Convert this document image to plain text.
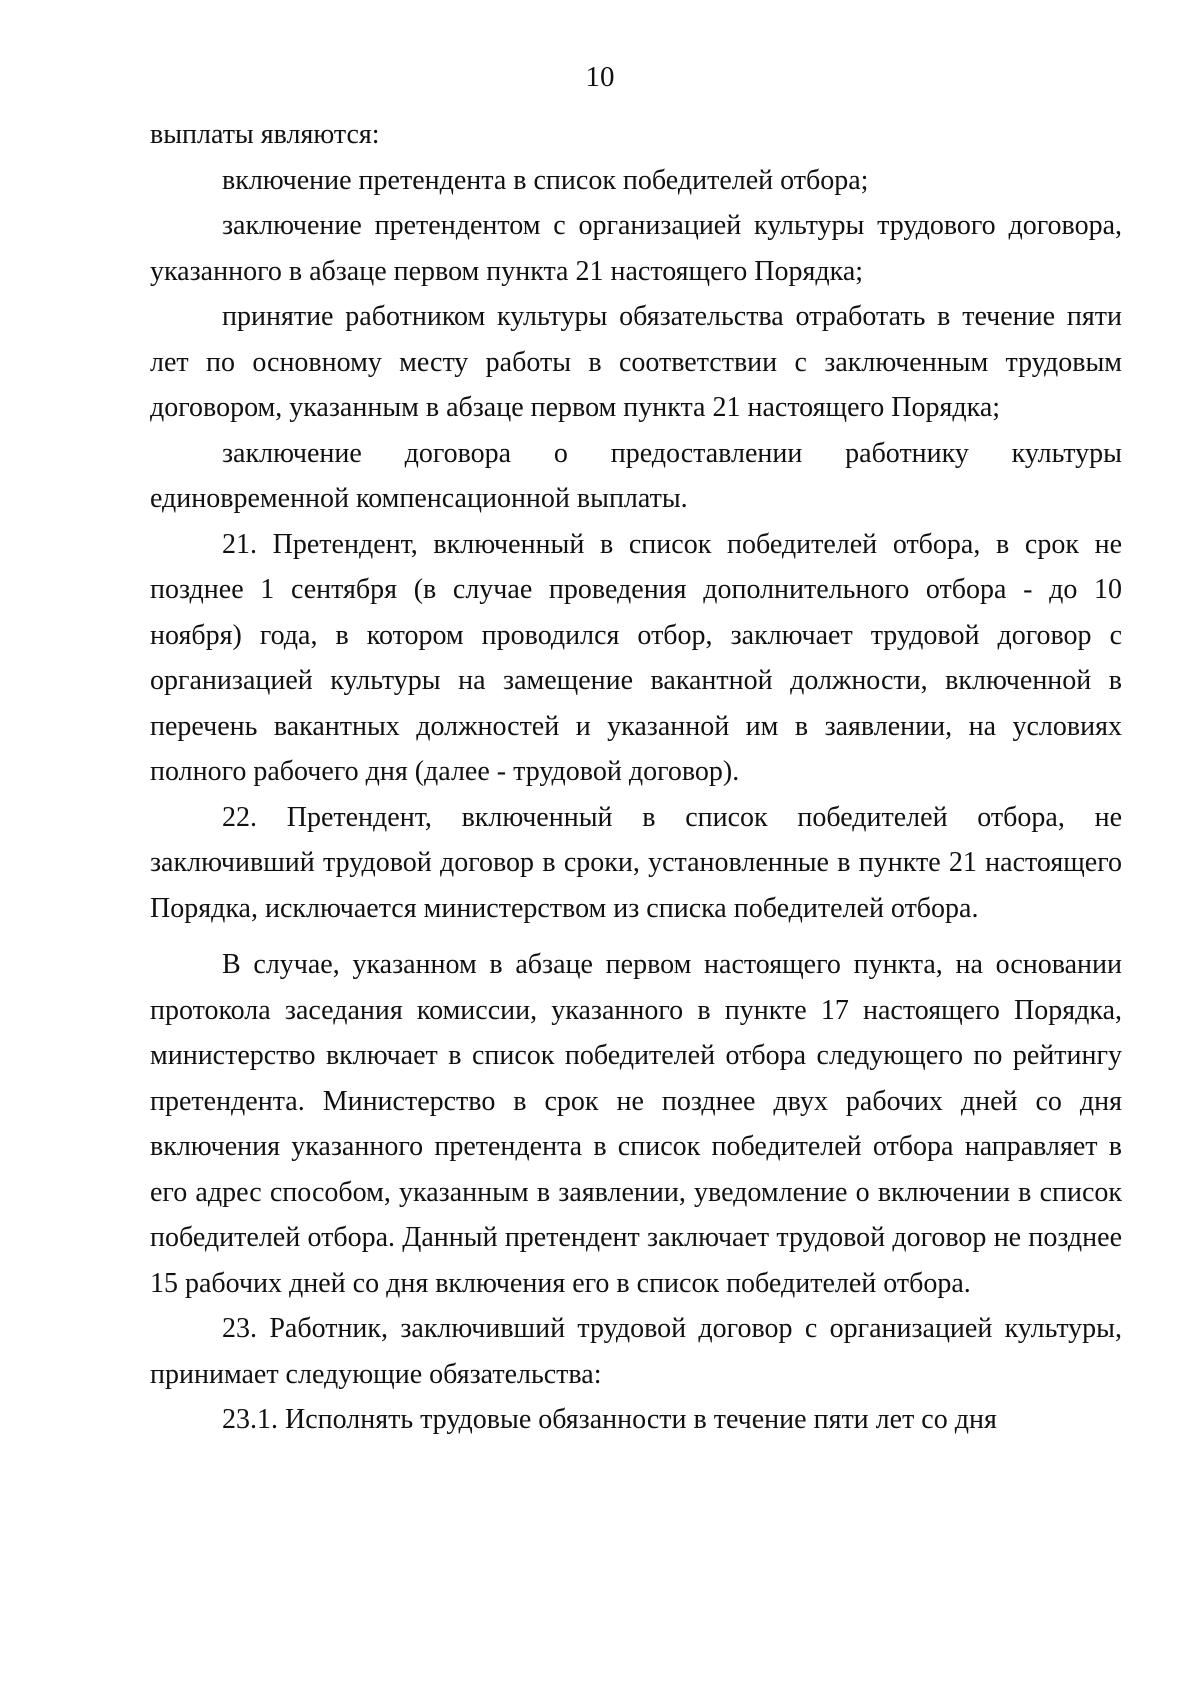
10

выплаты являются:

включение претендента в список победителей отбора;

заключение претендентом с организацией культуры трудового договора, указанного в абзаце первом пункта 21 настоящего Порядка;

принятие работником культуры обязательства отработать в течение пяти лет по основному месту работы в соответствии с заключенным трудовым договором, указанным в абзаце первом пункта 21 настоящего Порядка;

заключение договора о предоставлении работнику культуры единовременной компенсационной выплаты.

21. Претендент, включенный в список победителей отбора, в срок не позднее 1 сентября (в случае проведения дополнительного отбора - до 10 ноября) года, в котором проводился отбор, заключает трудовой договор с организацией культуры на замещение вакантной должности, включенной в перечень вакантных должностей и указанной им в заявлении, на условиях полного рабочего дня (далее - трудовой договор).

22. Претендент, включенный в список победителей отбора, не заключивший трудовой договор в сроки, установленные в пункте 21 настоящего Порядка, исключается министерством из списка победителей отбора.

В случае, указанном в абзаце первом настоящего пункта, на основании протокола заседания комиссии, указанного в пункте 17 настоящего Порядка, министерство включает в список победителей отбора следующего по рейтингу претендента. Министерство в срок не позднее двух рабочих дней со дня включения указанного претендента в список победителей отбора направляет в его адрес способом, указанным в заявлении, уведомление о включении в список победителей отбора. Данный претендент заключает трудовой договор не позднее 15 рабочих дней со дня включения его в список победителей отбора.

23. Работник, заключивший трудовой договор с организацией культуры, принимает следующие обязательства:

23.1. Исполнять трудовые обязанности в течение пяти лет со дня
